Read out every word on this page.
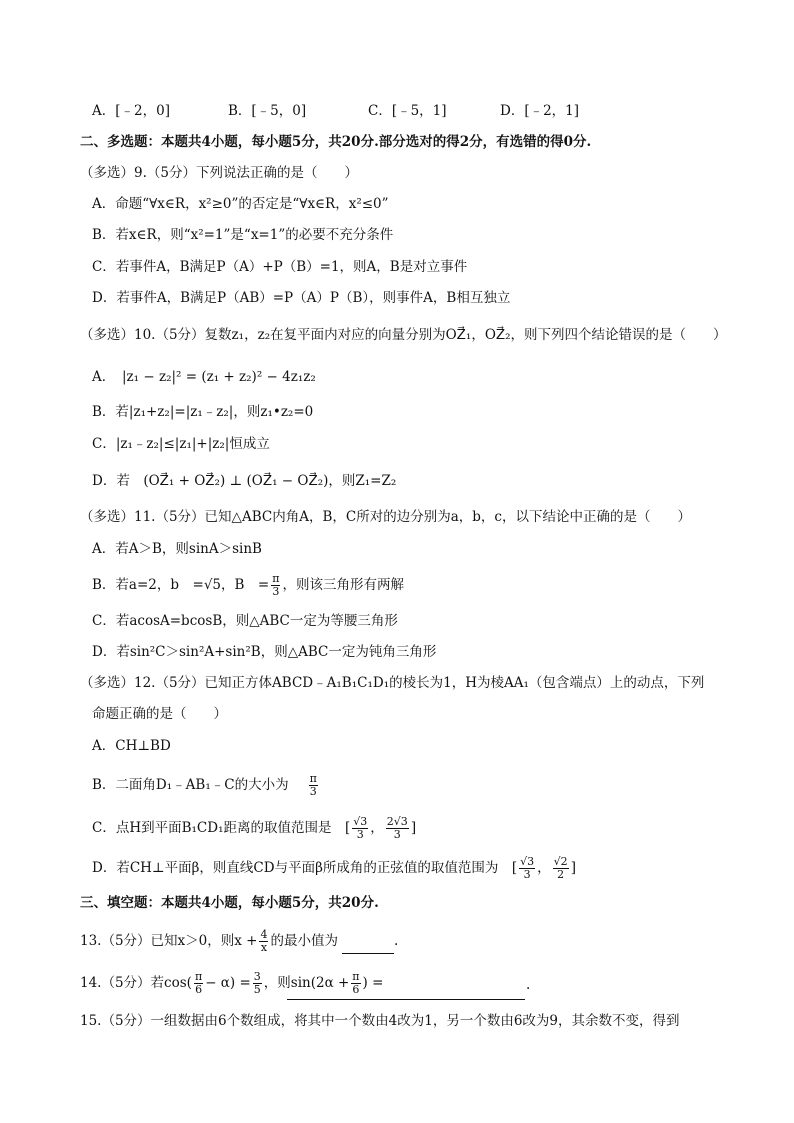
A．[﹣2，0]	B．[﹣5，0]	C．[﹣5，1]	D．[﹣2，1]
二、多选题：本题共4小题，每小题5分，共20分.部分选对的得2分，有选错的得0分.
（多选）9.（5分）下列说法正确的是（　　）
A．命题“∀x∈R，x²≥0”的否定是“∀x∈R，x²≤0”
B．若x∈R，则“x²=1”是“x=1”的必要不充分条件
C．若事件A，B满足P（A）+P（B）=1，则A，B是对立事件
D．若事件A，B满足P（AB）=P（A）P（B），则事件A，B相互独立
（多选）10.（5分）复数z₁，z₂在复平面内对应的向量分别为OZ⃗₁，OZ⃗₂，则下列四个结论错误的是（　　）
A．　|z₁ − z₂|² = (z₁ + z₂)² − 4z₁z₂
B．若|z₁+z₂|=|z₁﹣z₂|，则z₁•z₂=0
C．|z₁﹣z₂|≤|z₁|+|z₂|恒成立
D．若　(OZ⃗₁ + OZ⃗₂) ⊥ (OZ⃗₁ − OZ⃗₂)，则Z₁=Z₂
（多选）11.（5分）已知△ABC内角A，B，C所对的边分别为a，b，c，以下结论中正确的是（　　）
A．若A＞B，则sinA＞sinB
B．若a=2，b　=√5，B　= $\frac{\pi}{3}$ ，则该三角形有两解
C．若acosA=bcosB，则△ABC一定为等腰三角形
D．若sin²C＞sin²A+sin²B，则△ABC一定为钝角三角形
（多选）12.（5分）已知正方体ABCD﹣A₁B₁C₁D₁的棱长为1，H为棱AA₁（包含端点）上的动点，下列
命题正确的是（　　）
A．CH⊥BD
B．二面角D₁﹣AB₁﹣C的大小为 $\frac{\pi}{3}$
C．点H到平面B₁CD₁距离的取值范围是　[ $\frac{√3}{3}$ ， $\frac{2√3}{3}$ ]
D．若CH⊥平面β，则直线CD与平面β所成角的正弦值的取值范围为　[ $\frac{√3}{3}$ ， $\frac{√2}{2}$ ]
三、填空题：本题共4小题，每小题5分，共20分.
13.（5分）已知x＞0，则$x + \frac{4}{x}$ 的最小值为	.
14.（5分）若$\cos( \frac{\pi}{6} - \alpha) = \frac{3}{5}$ ，则$\sin(2\alpha + \frac{\pi}{6}$ ) =	.
15.（5分）一组数据由6个数组成，将其中一个数由4改为1，另一个数由6改为9，其余数不变，得到
